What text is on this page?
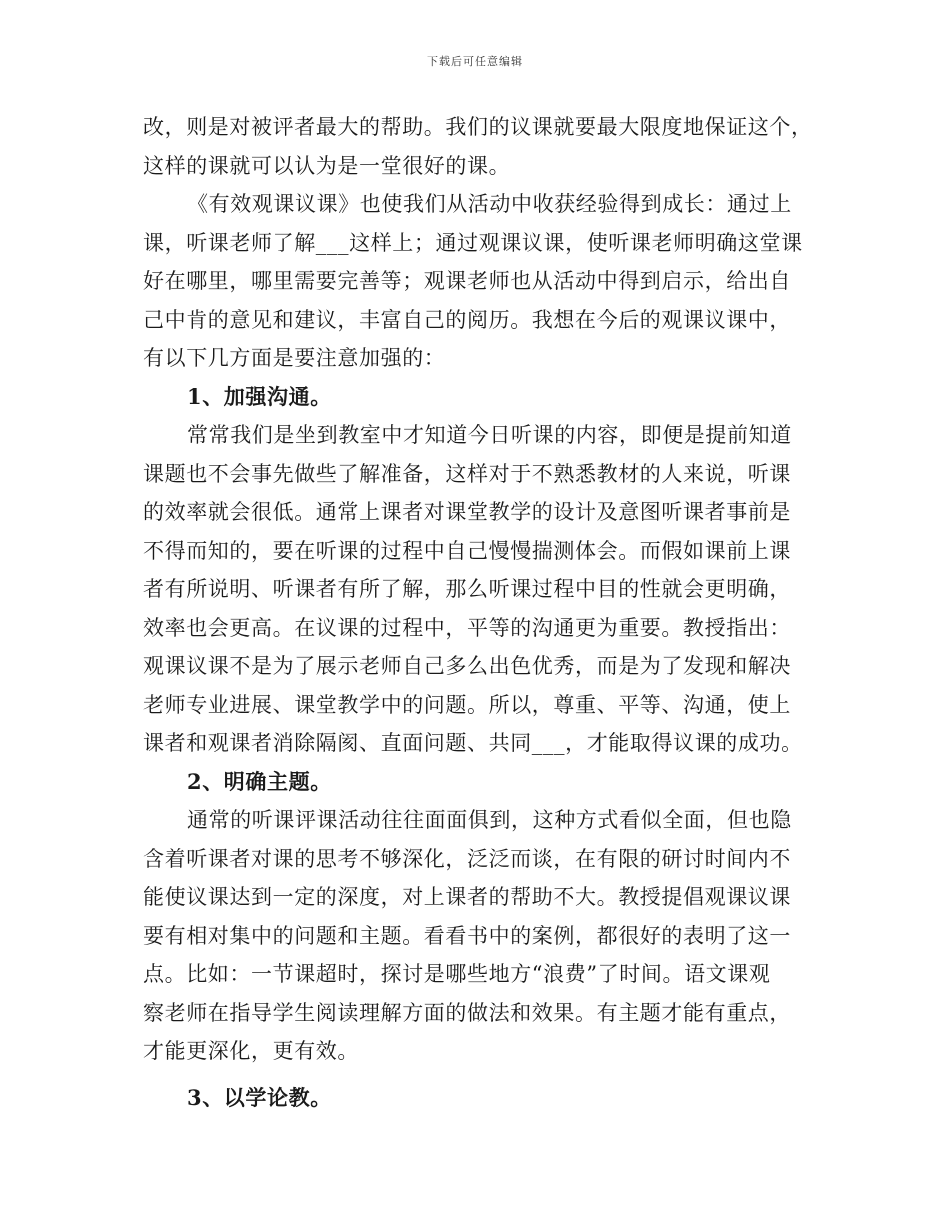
下载后可任意编辑
改，则是对被评者最大的帮助。我们的议课就要最大限度地保证这个，
这样的课就可以认为是一堂很好的课。
《有效观课议课》也使我们从活动中收获经验得到成长：通过上
课，听课老师了解___这样上；通过观课议课，使听课老师明确这堂课
好在哪里，哪里需要完善等；观课老师也从活动中得到启示，给出自
己中肯的意见和建议，丰富自己的阅历。我想在今后的观课议课中，
有以下几方面是要注意加强的：
1、加强沟通。
常常我们是坐到教室中才知道今日听课的内容，即便是提前知道
课题也不会事先做些了解准备，这样对于不熟悉教材的人来说，听课
的效率就会很低。通常上课者对课堂教学的设计及意图听课者事前是
不得而知的，要在听课的过程中自己慢慢揣测体会。而假如课前上课
者有所说明、听课者有所了解，那么听课过程中目的性就会更明确，
效率也会更高。在议课的过程中，平等的沟通更为重要。教授指出：
观课议课不是为了展示老师自己多么出色优秀，而是为了发现和解决
老师专业进展、课堂教学中的问题。所以，尊重、平等、沟通，使上
课者和观课者消除隔阂、直面问题、共同___，才能取得议课的成功。
2、明确主题。
通常的听课评课活动往往面面俱到，这种方式看似全面，但也隐
含着听课者对课的思考不够深化，泛泛而谈，在有限的研讨时间内不
能使议课达到一定的深度，对上课者的帮助不大。教授提倡观课议课
要有相对集中的问题和主题。看看书中的案例，都很好的表明了这一
点。比如：一节课超时，探讨是哪些地方“浪费”了时间。语文课观
察老师在指导学生阅读理解方面的做法和效果。有主题才能有重点，
才能更深化，更有效。
3、以学论教。
